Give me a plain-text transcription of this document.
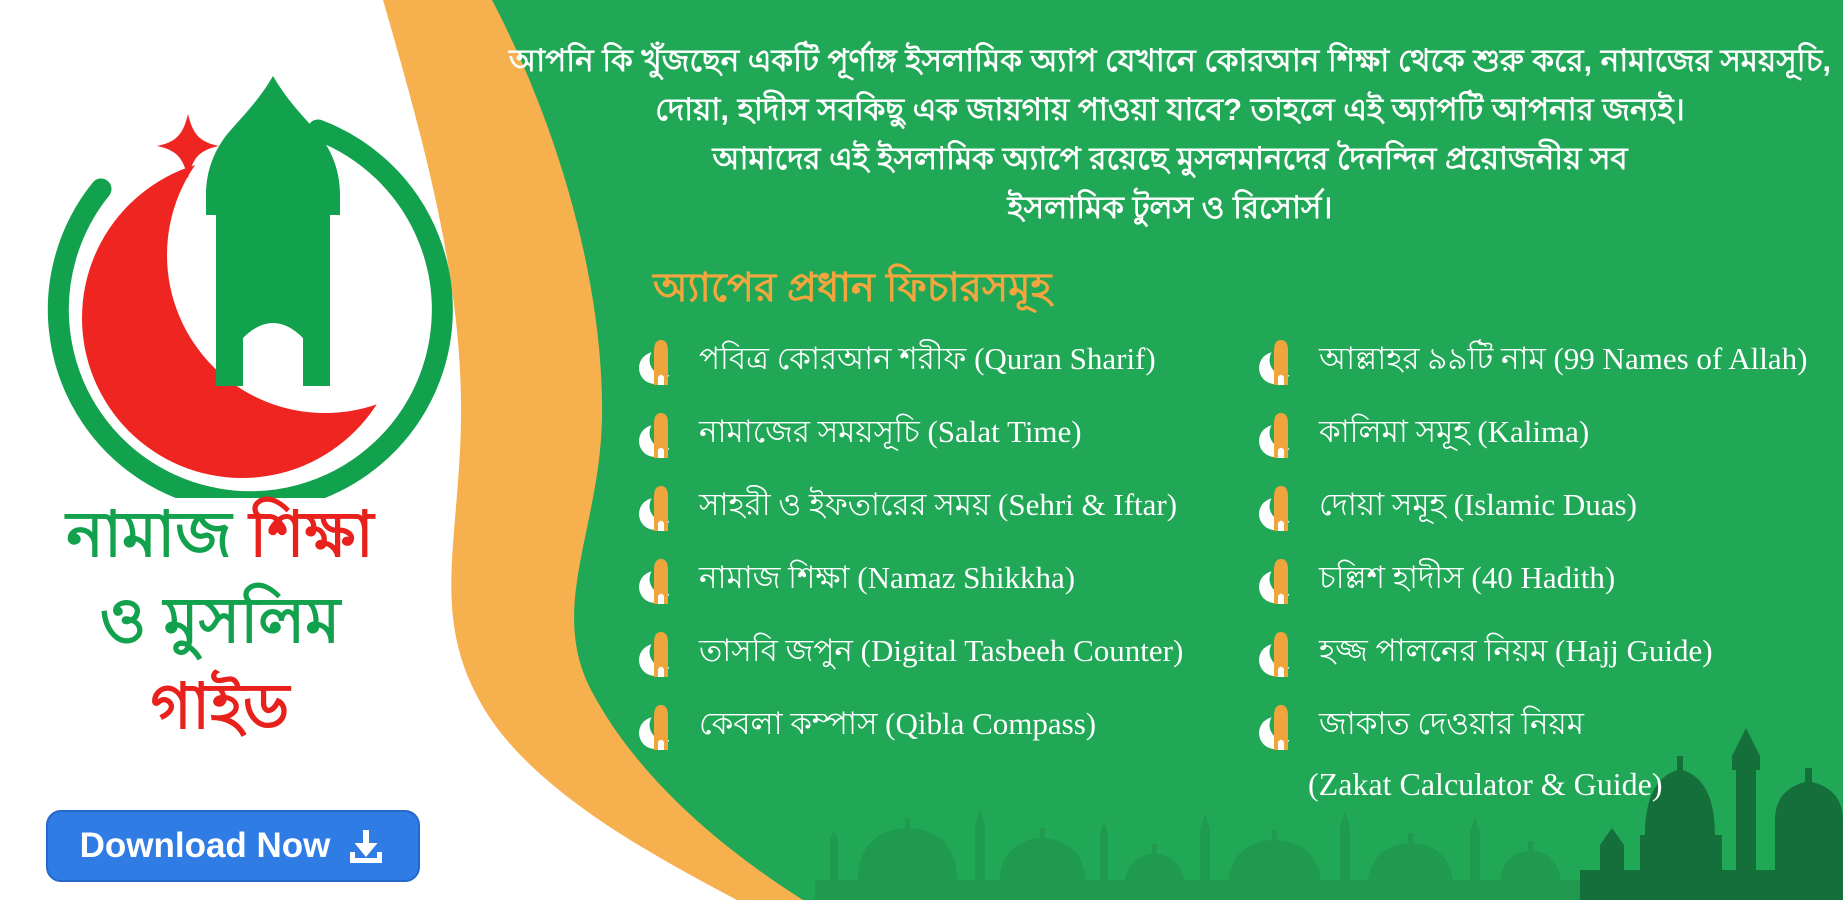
নামাজ শিক্ষা
ও মুসলিম
গাইড
Download Now
আপনি কি খুঁজছেন একটি পূর্ণাঙ্গ ইসলামিক অ্যাপ যেখানে কোরআন শিক্ষা থেকে শুরু করে, নামাজের সময়সূচি,
দোয়া, হাদীস সবকিছু এক জায়গায় পাওয়া যাবে? তাহলে এই অ্যাপটি আপনার জন্যই।
আমাদের এই ইসলামিক অ্যাপে রয়েছে মুসলমানদের দৈনন্দিন প্রয়োজনীয় সব
ইসলামিক টুলস ও রিসোর্স।
অ্যাপের প্রধান ফিচারসমূহ
পবিত্র কোরআন শরীফ (Quran Sharif)
নামাজের সময়সূচি (Salat Time)
সাহরী ও ইফতারের সময় (Sehri & Iftar)
নামাজ শিক্ষা (Namaz Shikkha)
তাসবি জপুন (Digital Tasbeeh Counter)
কেবলা কম্পাস (Qibla Compass)
আল্লাহর ৯৯টি নাম (99 Names of Allah)
কালিমা সমূহ (Kalima)
দোয়া সমূহ (Islamic Duas)
চল্লিশ হাদীস (40 Hadith)
হজ্জ পালনের নিয়ম (Hajj Guide)
জাকাত দেওয়ার নিয়ম
(Zakat Calculator & Guide)
